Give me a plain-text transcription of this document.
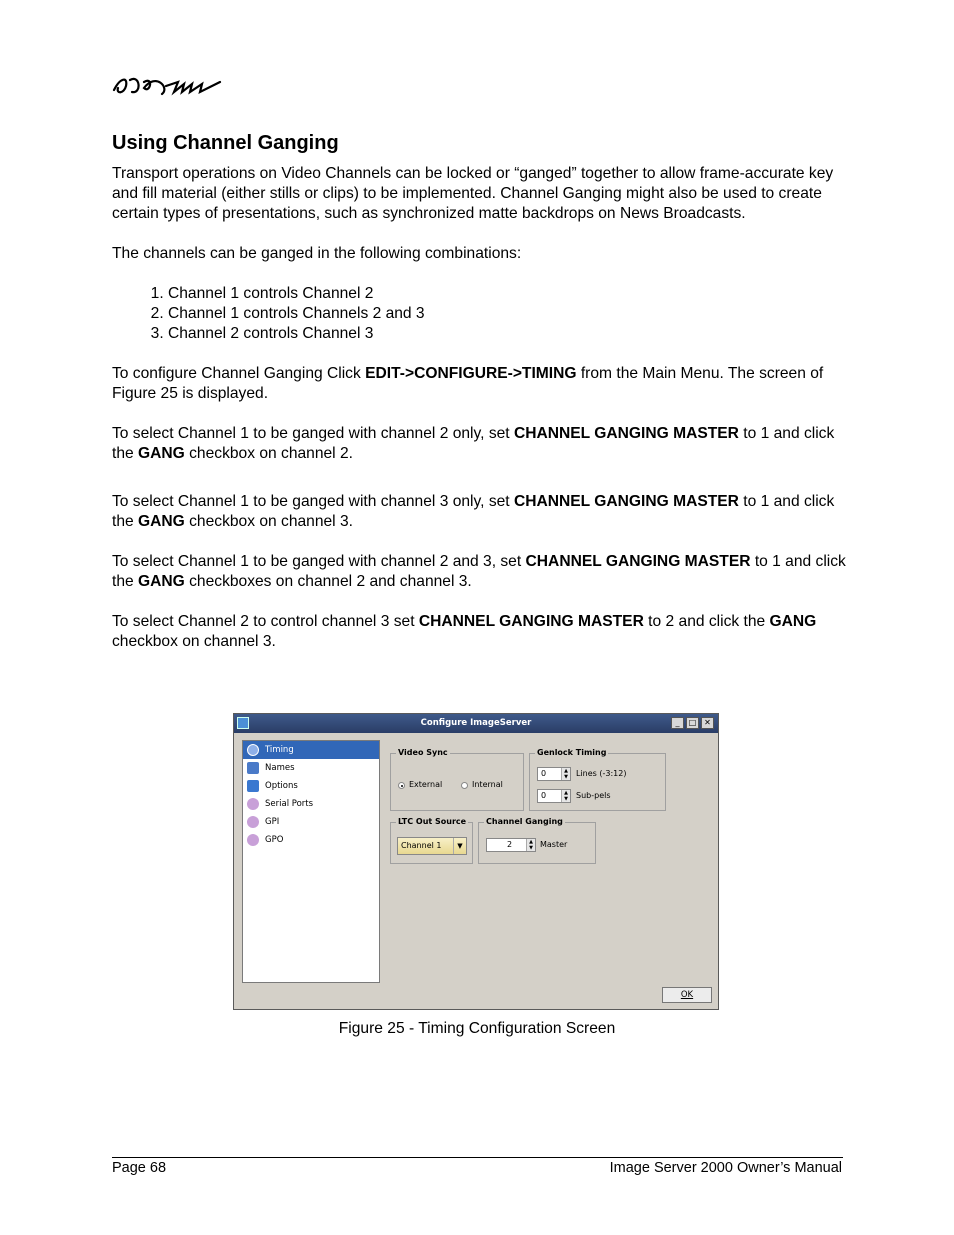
Using Channel Ganging

Transport operations on Video Channels can be locked or “ganged” together to allow frame-accurate key and fill material (either stills or clips) to be implemented. Channel Ganging might also be used to create certain types of presentations, such as synchronized matte backdrops on News Broadcasts.

The channels can be ganged in the following combinations:

1. Channel 1 controls Channel 2
2. Channel 1 controls Channels 2 and 3
3. Channel 2 controls Channel 3

To configure Channel Ganging Click EDIT->CONFIGURE->TIMING from the Main Menu. The screen of Figure 25 is displayed.

To select Channel 1 to be ganged with channel 2 only, set CHANNEL GANGING MASTER to 1 and click the GANG checkbox on channel 2.

To select Channel 1 to be ganged with channel 3 only, set CHANNEL GANGING MASTER to 1 and click the GANG checkbox on channel 3.

To select Channel 1 to be ganged with channel 2 and 3, set CHANNEL GANGING MASTER to 1 and click the GANG checkboxes on channel 2 and channel 3.

To select Channel 2 to control channel 3 set CHANNEL GANGING MASTER to 2 and click the GANG checkbox on channel 3.

Configure ImageServer	_	□ ✕
Timing
Names
Options
Serial Ports
GPI
GPO
Video Sync
External	Internal
Genlock Timing
0	▲
▼ Lines (-3:12)
0	▲
▼ Sub-pels
LTC Out Source
Channel 1	▼
Channel Ganging
2	▲
▼ Master
OK
Figure 25 - Timing Configuration Screen
Page 68	Image Server 2000 Owner’s Manual
